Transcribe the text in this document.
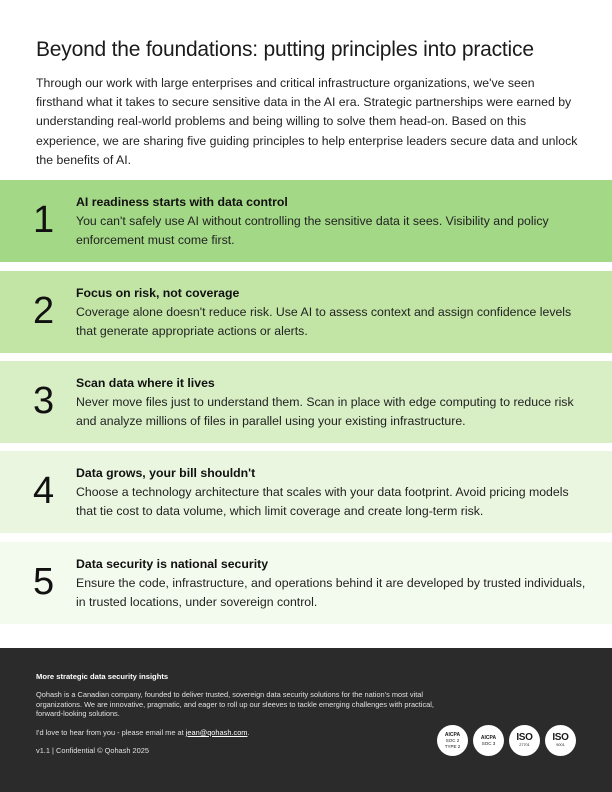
Beyond the foundations: putting principles into practice

Through our work with large enterprises and critical infrastructure organizations, we've seen firsthand what it takes to secure sensitive data in the AI era. Strategic partnerships were earned by understanding real-world problems and being willing to solve them head-on. Based on this experience, we are sharing five guiding principles to help enterprise leaders secure data and unlock the benefits of AI.

1	AI readiness starts with data control
You can't safely use AI without controlling the sensitive data it sees. Visibility and policy enforcement must come first.
2	Focus on risk, not coverage
Coverage alone doesn't reduce risk. Use AI to assess context and assign confidence levels that generate appropriate actions or alerts.
3	Scan data where it lives
Never move files just to understand them. Scan in place with edge computing to reduce risk and analyze millions of files in parallel using your existing infrastructure.
4	Data grows, your bill shouldn't
Choose a technology architecture that scales with your data footprint. Avoid pricing models that tie cost to data volume, which limit coverage and create long-term risk.
5	Data security is national security
Ensure the code, infrastructure, and operations behind it are developed by trusted individuals, in trusted locations, under sovereign control.
More strategic data security insights
Qohash is a Canadian company, founded to deliver trusted, sovereign data security solutions for the nation's most vital organizations. We are innovative, pragmatic, and eager to roll up our sleeves to tackle emerging challenges with practical, forward-looking solutions.
I'd love to hear from you - please email me at jean@qohash.com.
v1.1 | Confidential © Qohash 2025
AICPA
SOC 2 TYPE 2
AICPA
SOC 3 ISO
27701
ISO
9001
